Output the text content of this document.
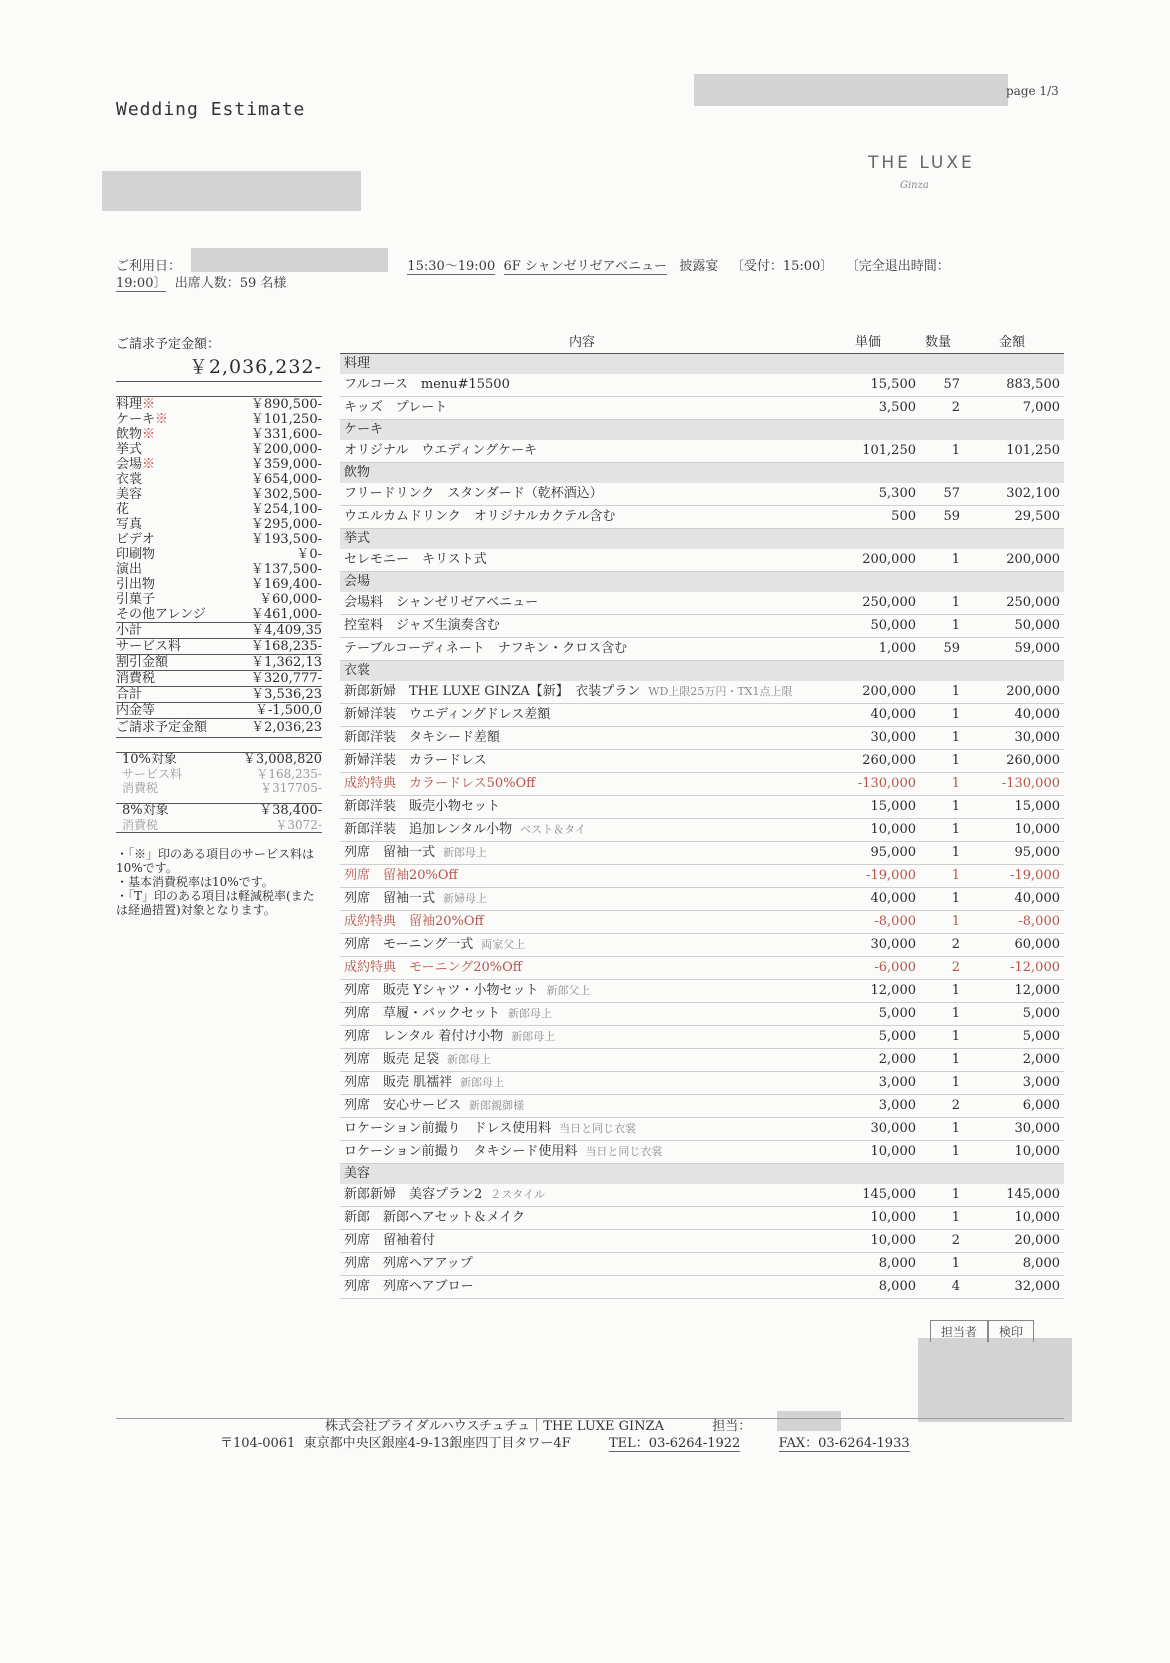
Wedding Estimate
page 1/3
THE LUXE
Ginza
ご利用日：	15:30〜19:00 6F シャンゼリゼアベニュー 披露宴 〔受付：15:00〕 〔完全退出時間：
19:00〕 出席人数：59 名様
ご請求予定金額：
￥2,036,232-
料理※	￥890,500-
ケーキ※	￥101,250-
飲物※	￥331,600-
挙式	￥200,000-
会場※	￥359,000-
衣裳	￥654,000-
美容	￥302,500-
花	￥254,100-
写真	￥295,000-
ビデオ	￥193,500-
印刷物	￥0-
演出	￥137,500-
引出物	￥169,400-
引菓子	￥60,000-
その他アレンジ	￥461,000-
小計	￥4,409,35
サービス料	￥168,235-
割引金額	￥1,362,13
消費税	￥320,777-
合計	￥3,536,23
内金等	￥-1,500,0
ご請求予定金額	￥2,036,23
10%対象	￥3,008,820
サービス料	￥168,235-
消費税	￥317705-
8%対象	￥38,400-
消費税	￥3072-
・「※」印のある項目のサービス料は10%です。
・基本消費税率は10%です。
・「T」印のある項目は軽減税率(または経過措置)対象となります。
内容	単価	数量	金額
料理
フルコース　menu#15500	15,500	57	883,500
キッズ　プレート	3,500	2	7,000
ケーキ
オリジナル　ウエディングケーキ	101,250	1	101,250
飲物
フリードリンク　スタンダード（乾杯酒込）	5,300	57	302,100
ウエルカムドリンク　オリジナルカクテル含む	500	59	29,500
挙式
セレモニー　キリスト式	200,000	1	200,000
会場
会場料　シャンゼリゼアベニュー	250,000	1	250,000
控室料　ジャズ生演奏含む	50,000	1	50,000
テーブルコーディネート　ナフキン・クロス含む	1,000	59	59,000
衣裳
新郎新婦　THE LUXE GINZA【新】　衣装プラン WD上限25万円・TX1点上限	200,000	1	200,000
新婦洋装　ウエディングドレス差額	40,000	1	40,000
新郎洋装　タキシード差額	30,000	1	30,000
新婦洋装　カラードレス	260,000	1	260,000
成約特典　カラードレス50%Off	-130,000	1	-130,000
新郎洋装　販売小物セット	15,000	1	15,000
新郎洋装　追加レンタル小物 ベスト＆タイ	10,000	1	10,000
列席　留袖一式 新郎母上	95,000	1	95,000
列席　留袖20%Off	-19,000	1	-19,000
列席　留袖一式 新婦母上	40,000	1	40,000
成約特典　留袖20%Off	-8,000	1	-8,000
列席　モーニング一式 両家父上	30,000	2	60,000
成約特典　モーニング20%Off	-6,000	2	-12,000
列席　販売 Yシャツ・小物セット 新郎父上	12,000	1	12,000
列席　草履・バックセット 新郎母上	5,000	1	5,000
列席　レンタル 着付け小物 新郎母上	5,000	1	5,000
列席　販売 足袋 新郎母上	2,000	1	2,000
列席　販売 肌襦袢 新郎母上	3,000	1	3,000
列席　安心サービス 新郎親御様	3,000	2	6,000
ロケーション前撮り　ドレス使用料 当日と同じ衣裳	30,000	1	30,000
ロケーション前撮り　タキシード使用料 当日と同じ衣裳	10,000	1	10,000
美容
新郎新婦　美容プラン2 ２スタイル	145,000	1	145,000
新郎　新郎ヘアセット＆メイク	10,000	1	10,000
列席　留袖着付	10,000	2	20,000
列席　列席ヘアアップ	8,000	1	8,000
列席　列席ヘアブロー	8,000	4	32,000
担当者	検印
株式会社ブライダルハウスチュチュ｜THE LUXE GINZA	担当：
〒104-0061 東京都中央区銀座4-9-13銀座四丁目タワー4F	TEL：03-6264-1922	FAX：03-6264-1933
